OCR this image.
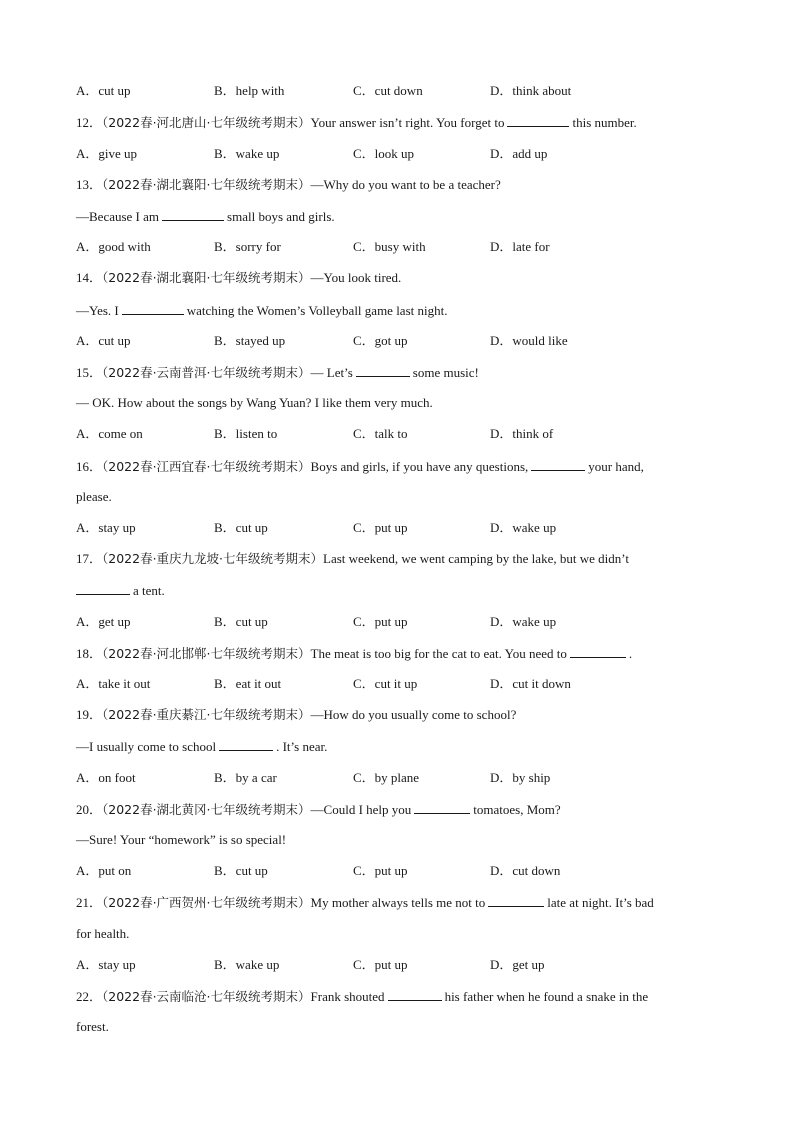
A．cut up	B．help with	C．cut down	D．think about
12．（2022春·河北唐山·七年级统考期末）Your answer isn’t right. You forget to	this number.
A．give up	B．wake up	C．look up	D．add up
13．（2022春·湖北襄阳·七年级统考期末）—Why do you want to be a teacher?
—Because I am	small boys and girls.
A．good with	B．sorry for	C．busy with	D．late for
14．（2022春·湖北襄阳·七年级统考期末）—You look tired.
—Yes. I	watching the Women’s Volleyball game last night.
A．cut up	B．stayed up	C．got up	D．would like
15．（2022春·云南普洱·七年级统考期末）— Let’s	some music!
— OK. How about the songs by Wang Yuan? I like them very much.
A．come on	B．listen to	C．talk to	D．think of
16．（2022春·江西宜春·七年级统考期末）Boys and girls, if you have any questions,	your hand,
please.
A．stay up	B．cut up	C．put up	D．wake up
17．（2022春·重庆九龙坡·七年级统考期末）Last weekend, we went camping by the lake, but we didn’t
a tent.
A．get up	B．cut up	C．put up	D．wake up
18．（2022春·河北邯郸·七年级统考期末）The meat is too big for the cat to eat. You need to	.
A．take it out	B．eat it out	C．cut it up	D．cut it down
19．（2022春·重庆綦江·七年级统考期末）—How do you usually come to school?
—I usually come to school	. It’s near.
A．on foot	B．by a car	C．by plane	D．by ship
20．（2022春·湖北黄冈·七年级统考期末）—Could I help you	tomatoes, Mom?
—Sure! Your “homework” is so special!
A．put on	B．cut up	C．put up	D．cut down
21．（2022春·广西贺州·七年级统考期末）My mother always tells me not to	late at night. It’s bad
for health.
A．stay up	B．wake up	C．put up	D．get up
22．（2022春·云南临沧·七年级统考期末）Frank shouted	his father when he found a snake in the
forest.
